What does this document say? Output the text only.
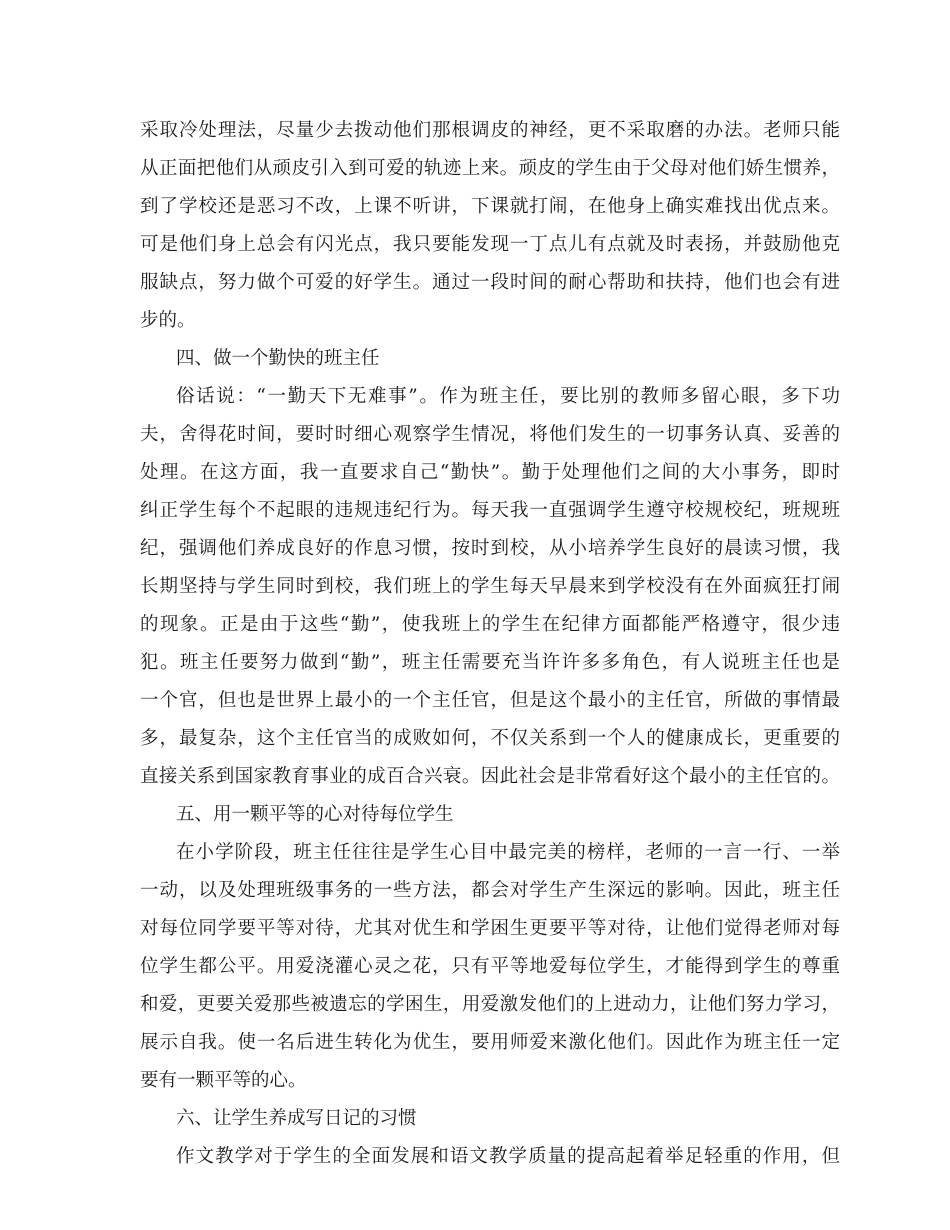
采取冷处理法，尽量少去拨动他们那根调皮的神经，更不采取磨的办法。老师只能
从正面把他们从顽皮引入到可爱的轨迹上来。顽皮的学生由于父母对他们娇生惯养，
到了学校还是恶习不改，上课不听讲，下课就打闹，在他身上确实难找出优点来。
可是他们身上总会有闪光点，我只要能发现一丁点儿有点就及时表扬，并鼓励他克
服缺点，努力做个可爱的好学生。通过一段时间的耐心帮助和扶持，他们也会有进
步的。
四、做一个勤快的班主任
俗话说：“一勤天下无难事”。作为班主任，要比别的教师多留心眼，多下功
夫，舍得花时间，要时时细心观察学生情况，将他们发生的一切事务认真、妥善的
处理。在这方面，我一直要求自己“勤快”。勤于处理他们之间的大小事务，即时
纠正学生每个不起眼的违规违纪行为。每天我一直强调学生遵守校规校纪，班规班
纪，强调他们养成良好的作息习惯，按时到校，从小培养学生良好的晨读习惯，我
长期坚持与学生同时到校，我们班上的学生每天早晨来到学校没有在外面疯狂打闹
的现象。正是由于这些“勤”，使我班上的学生在纪律方面都能严格遵守，很少违
犯。班主任要努力做到“勤”，班主任需要充当许许多多角色，有人说班主任也是
一个官，但也是世界上最小的一个主任官，但是这个最小的主任官，所做的事情最
多，最复杂，这个主任官当的成败如何，不仅关系到一个人的健康成长，更重要的
直接关系到国家教育事业的成百合兴衰。因此社会是非常看好这个最小的主任官的。
五、用一颗平等的心对待每位学生
在小学阶段，班主任往往是学生心目中最完美的榜样，老师的一言一行、一举
一动，以及处理班级事务的一些方法，都会对学生产生深远的影响。因此，班主任
对每位同学要平等对待，尤其对优生和学困生更要平等对待，让他们觉得老师对每
位学生都公平。用爱浇灌心灵之花，只有平等地爱每位学生，才能得到学生的尊重
和爱，更要关爱那些被遗忘的学困生，用爱激发他们的上进动力，让他们努力学习，
展示自我。使一名后进生转化为优生，要用师爱来激化他们。因此作为班主任一定
要有一颗平等的心。
六、让学生养成写日记的习惯
作文教学对于学生的全面发展和语文教学质量的提高起着举足轻重的作用，但
